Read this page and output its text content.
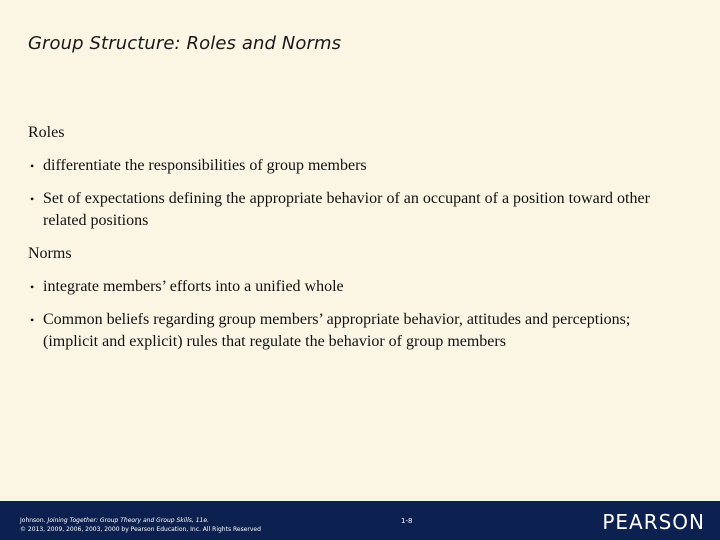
Group Structure: Roles and Norms
Roles
• differentiate the responsibilities of group members
• Set of expectations defining the appropriate behavior of an occupant of a position toward other related positions
Norms
• integrate members’ efforts into a unified whole
• Common beliefs regarding group members’ appropriate behavior, attitudes and perceptions; (implicit and explicit) rules that regulate the behavior of group members
Johnson. Joining Together: Group Theory and Group Skills, 11e.
© 2013, 2009, 2006, 2003, 2000 by Pearson Education, Inc. All Rights Reserved
1-8	PEARSON
